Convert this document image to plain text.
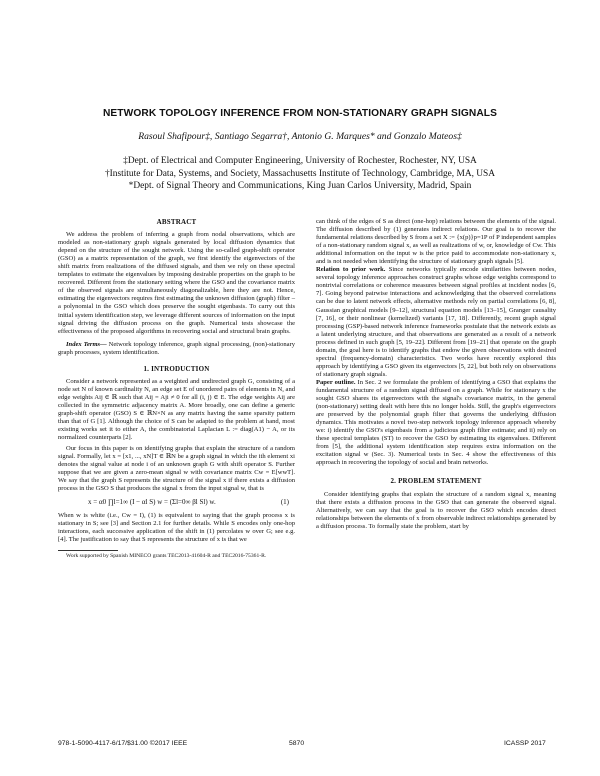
NETWORK TOPOLOGY INFERENCE FROM NON-STATIONARY GRAPH SIGNALS
Rasoul Shafipour‡, Santiago Segarra†, Antonio G. Marques* and Gonzalo Mateos‡
‡Dept. of Electrical and Computer Engineering, University of Rochester, Rochester, NY, USA
†Institute for Data, Systems, and Society, Massachusetts Institute of Technology, Cambridge, MA, USA
*Dept. of Signal Theory and Communications, King Juan Carlos University, Madrid, Spain
ABSTRACT

We address the problem of inferring a graph from nodal observations, which are modeled as non-stationary graph signals generated by local diffusion dynamics that depend on the structure of the sought network. Using the so-called graph-shift operator (GSO) as a matrix representation of the graph, we first identify the eigenvectors of the shift matrix from realizations of the diffused signals, and then we rely on these spectral templates to estimate the eigenvalues by imposing desirable properties on the graph to be recovered. Different from the stationary setting where the GSO and the covariance matrix of the observed signals are simultaneously diagonalizable, here they are not. Hence, estimating the eigenvectors requires first estimating the unknown diffusion (graph) filter – a polynomial in the GSO which does preserve the sought eigenbasis. To carry out this initial system identification step, we leverage different sources of information on the input signal driving the diffusion process on the graph. Numerical tests showcase the effectiveness of the proposed algorithms in recovering social and structural brain graphs.

Index Terms— Network topology inference, graph signal processing, (non)-stationary graph processes, system identification.

1. INTRODUCTION

Consider a network represented as a weighted and undirected graph G, consisting of a node set N of known cardinality N, an edge set E of unordered pairs of elements in N, and edge weights Aij ∈ ℝ such that Aij = Aji ≠ 0 for all (i, j) ∈ E. The edge weights Aij are collected in the symmetric adjacency matrix A. More broadly, one can define a generic graph-shift operator (GSO) S ∈ ℝN×N as any matrix having the same sparsity pattern than that of G [1]. Although the choice of S can be adapted to the problem at hand, most existing works set it to either A, the combinatorial Laplacian L := diag(A1) − A, or its normalized counterparts [2].

Our focus in this paper is on identifying graphs that explain the structure of a random signal. Formally, let x = [x1, ..., xN]T ∈ ℝN be a graph signal in which the ith element xi denotes the signal value at node i of an unknown graph G with shift operator S. Further suppose that we are given a zero-mean signal w with covariance matrix Cw = E[wwT]. We say that the graph S represents the structure of the signal x if there exists a diffusion process in the GSO S that produces the signal x from the input signal w, that is

x = α0 ∏l=1∞ (I − αl S) w = (Σl=0∞ βl Sl) w.	(1)

When w is white (i.e., Cw = I), (1) is equivalent to saying that the graph process x is stationary in S; see [3] and Section 2.1 for further details. While S encodes only one-hop interactions, each successive application of the shift in (1) percolates w over G; see e.g. [4]. The justification to say that S represents the structure of x is that we

Work supported by Spanish MINECO grants TEC2013-41604-R and TEC2016-75361-R.

can think of the edges of S as direct (one-hop) relations between the elements of the signal. The diffusion described by (1) generates indirect relations. Our goal is to recover the fundamental relations described by S from a set X := {x(p)}p=1P of P independent samples of a non-stationary random signal x, as well as realizations of w, or, knowledge of Cw. This additional information on the input w is the price paid to accommodate non-stationary x, and is not needed when identifying the structure of stationary graph signals [5].

Relation to prior work. Since networks typically encode similarities between nodes, several topology inference approaches construct graphs whose edge weights correspond to nontrivial correlations or coherence measures between signal profiles at incident nodes [6, 7]. Going beyond pairwise interactions and acknowledging that the observed correlations can be due to latent network effects, alternative methods rely on partial correlations [6, 8], Gaussian graphical models [9–12], structural equation models [13–15], Granger causality [7, 16], or their nonlinear (kernelized) variants [17, 18]. Differently, recent graph signal processing (GSP)-based network inference frameworks postulate that the network exists as a latent underlying structure, and that observations are generated as a result of a network process defined in such graph [5, 19–22]. Different from [19–21] that operate on the graph domain, the goal here is to identify graphs that endow the given observations with desired spectral (frequency-domain) characteristics. Two works have recently explored this approach by identifying a GSO given its eigenvectors [5, 22], but both rely on observations of stationary graph signals.

Paper outline. In Sec. 2 we formulate the problem of identifying a GSO that explains the fundamental structure of a random signal diffused on a graph. While for stationary x the sought GSO shares its eigenvectors with the signal's covariance matrix, in the general (non-stationary) setting dealt with here this no longer holds. Still, the graph's eigenvectors are preserved by the polynomial graph filter that governs the underlying diffusion dynamics. This motivates a novel two-step network topology inference approach whereby we: i) identify the GSO's eigenbasis from a judicious graph filter estimate; and ii) rely on these spectral templates (ST) to recover the GSO by estimating its eigenvalues. Different from [5], the additional system identification step requires extra information on the excitation signal w (Sec. 3). Numerical tests in Sec. 4 show the effectiveness of this approach in recovering the topology of social and brain networks.

2. PROBLEM STATEMENT

Consider identifying graphs that explain the structure of a random signal x, meaning that there exists a diffusion process in the GSO that can generate the observed signal. Alternatively, we can say that the goal is to recover the GSO which encodes direct relationships between the elements of x from observable indirect relationships generated by a diffusion process. To formally state the problem, start by

978-1-5090-4117-6/17/$31.00 ©2017 IEEE	5870	ICASSP 2017
